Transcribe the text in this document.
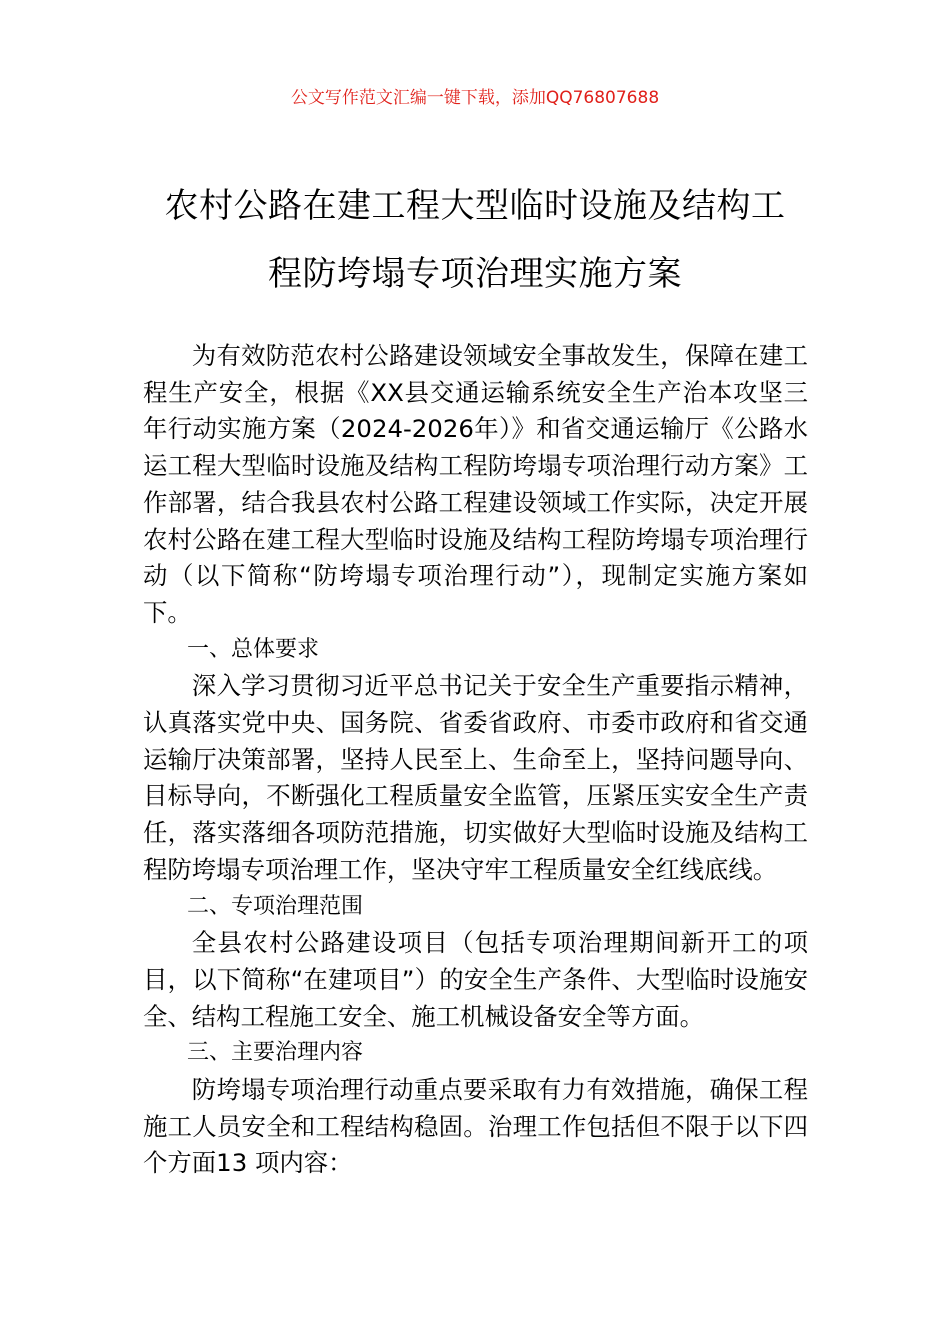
公文写作范文汇编一键下载，添加QQ76807688
农村公路在建工程大型临时设施及结构工
程防垮塌专项治理实施方案

为有效防范农村公路建设领域安全事故发生，保障在建工程生产安全，根据《XX县交通运输系统安全生产治本攻坚三年行动实施方案（2024-2026年）》和省交通运输厅《公路水运工程大型临时设施及结构工程防垮塌专项治理行动方案》工作部署，结合我县农村公路工程建设领域工作实际，决定开展农村公路在建工程大型临时设施及结构工程防垮塌专项治理行动（以下简称“防垮塌专项治理行动”），现制定实施方案如下。

一、总体要求

深入学习贯彻习近平总书记关于安全生产重要指示精神，认真落实党中央、国务院、省委省政府、市委市政府和省交通运输厅决策部署，坚持人民至上、生命至上，坚持问题导向、目标导向，不断强化工程质量安全监管，压紧压实安全生产责任，落实落细各项防范措施，切实做好大型临时设施及结构工程防垮塌专项治理工作，坚决守牢工程质量安全红线底线。

二、专项治理范围

全县农村公路建设项目（包括专项治理期间新开工的项目，以下简称“在建项目”）的安全生产条件、大型临时设施安全、结构工程施工安全、施工机械设备安全等方面。

三、主要治理内容

防垮塌专项治理行动重点要采取有力有效措施，确保工程施工人员安全和工程结构稳固。治理工作包括但不限于以下四个方面13 项内容：
